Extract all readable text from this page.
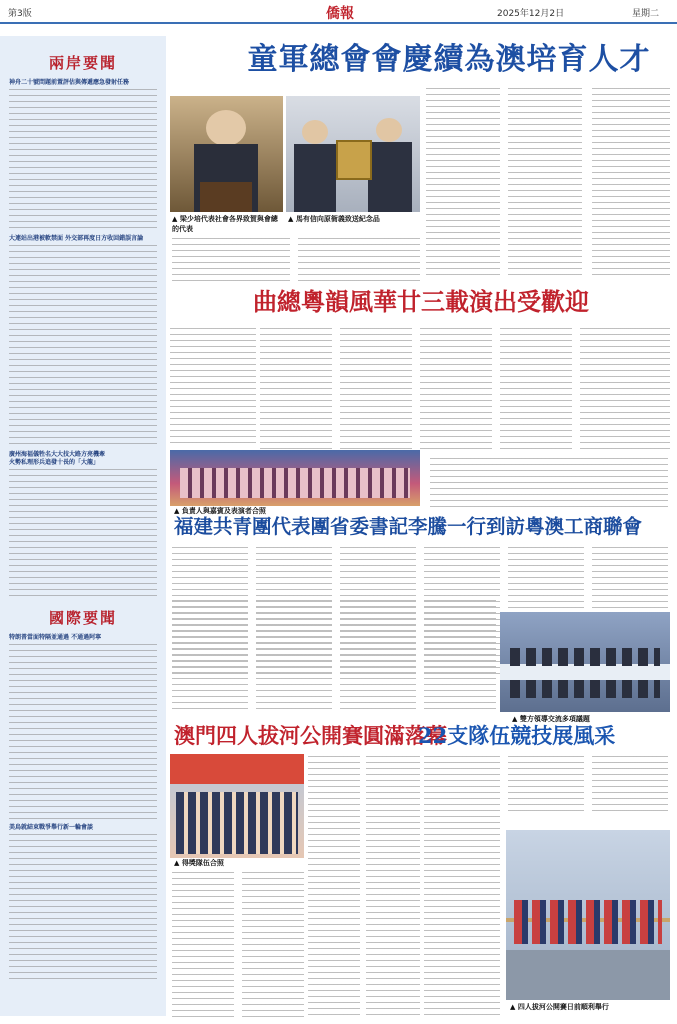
第3版	僑報	2025年12月2日	星期二
兩岸要聞
神舟二十號問題前置評估與傳遞應急發射任務
大連站出港被軟禁面 外交部再度日方收回錯誤言論
廣州海福儀牲名大大技大路方亮機牽
火勢私理形兵追發十長的「大龍」
國際要聞
特朗普當面特隔並通過 不通過阿寧
美烏就結束戰爭舉行新一輪會談
童軍總會會慶續為澳培育人才
▲ 梁少培代表社會各界致賀與會總的代表
▲ 馬有信向原衙義致送紀念品
曲總粵韻風華廿三載演出受歡迎
▲ 負責人與嘉賓及表演者合照
福建共青團代表團省委書記李騰一行到訪粵澳工商聯會
▲ 雙方領導交流多項議題
澳門四人拔河公開賽圓滿落幕
22支隊伍競技展風采
▲ 得獎隊伍合照
▲ 四人拔河公開賽日前順利舉行
